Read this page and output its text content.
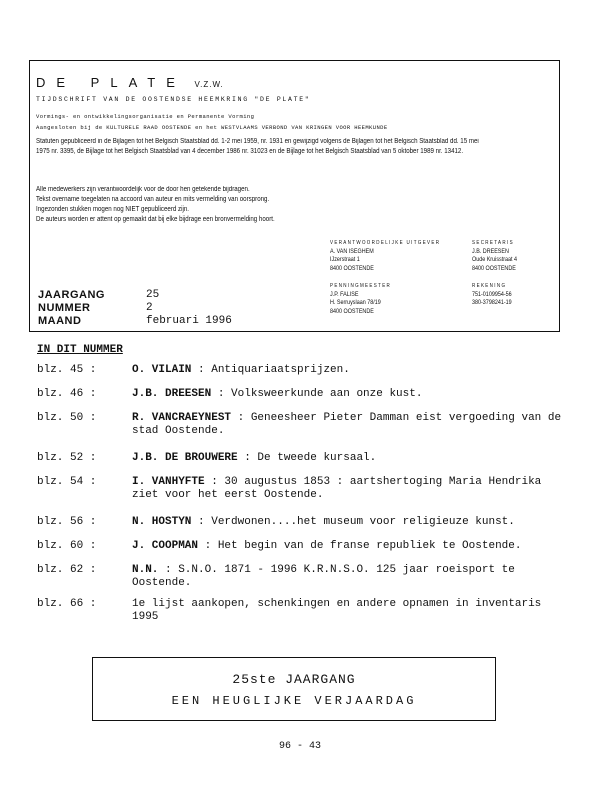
DE PLATE V.Z.W.
TIJDSCHRIFT VAN DE OOSTENDSE HEEMKRING "DE PLATE"
Vormings- en ontwikkelingsorganisatie en Permanente Vorming
Aangesloten bij de KULTURELE RAAD OOSTENDE en het WESTVLAAMS VERBOND VAN KRINGEN VOOR HEEMKUNDE
Statuten gepubliceerd in de Bijlagen tot het Belgisch Staatsblad dd. 1-2 mei 1959, nr. 1931 en gewijzigd volgens de Bijlagen tot het Belgisch Staatsblad dd. 15 mei 1975 nr. 3395, de Bijlage tot het Belgisch Staatsblad van 4 december 1986 nr. 31023 en de Bijlage tot het Belgisch Staatsblad van 5 oktober 1989 nr. 13412.
Alle medewerkers zijn verantwoordelijk voor de door hen getekende bijdragen.
Tekst overname toegelaten na accoord van auteur en mits vermelding van oorsprong.
Ingezonden stukken mogen nog NIET gepubliceerd zijn.
De auteurs worden er attent op gemaakt dat bij elke bijdrage een bronvermelding hoort.
VERANTWOORDELIJKE UITGEVER
A. VAN ISEGHEM
IJzerstraat 1
8400 OOSTENDE
SECRETARIS
J.B. DREESEN
Oude Kruisstraat 4
8400 OOSTENDE
PENNINGMEESTER
J.P. FALISE
H. Serruyslaan 78/19
8400 OOSTENDE
REKENING
751-0109954-56
380-3798241-19
JAARGANG	25
NUMMER	2
MAAND	februari 1996
IN DIT NUMMER
blz. 45 :	O. VILAIN : Antiquariaatsprijzen.
blz. 46 :	J.B. DREESEN : Volksweerkunde aan onze kust.
blz. 50 :	R. VANCRAEYNEST : Geneesheer Pieter Damman eist vergoeding van de stad Oostende.
blz. 52 :	J.B. DE BROUWERE : De tweede kursaal.
blz. 54 :	I. VANHYFTE : 30 augustus 1853 : aartshertoging Maria Hendrika ziet voor het eerst Oostende.
blz. 56 :	N. HOSTYN : Verdwonen....het museum voor religieuze kunst.
blz. 60 :	J. COOPMAN : Het begin van de franse republiek te Oostende.
blz. 62 :	N.N. : S.N.O. 1871 - 1996 K.R.N.S.O. 125 jaar roeisport te Oostende.
blz. 66 :	1e lijst aankopen, schenkingen en andere opnamen in inventaris 1995
25ste JAARGANG
EEN HEUGLIJKE VERJAARDAG
96 - 43
